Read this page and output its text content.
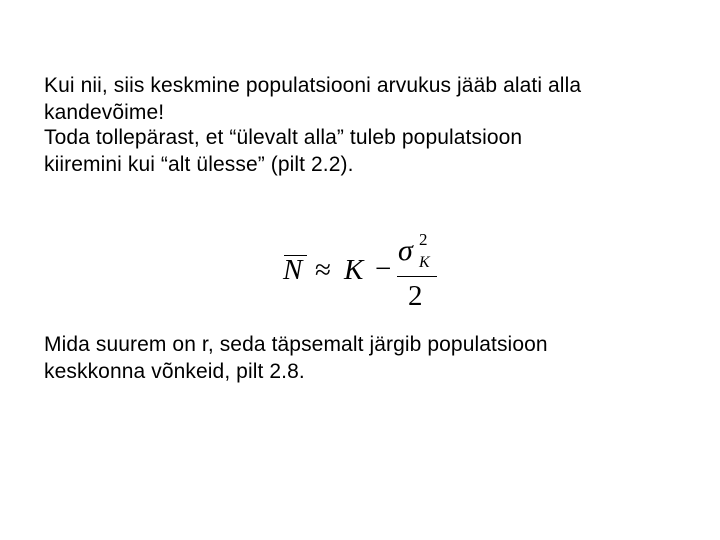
Kui nii, siis keskmine populatsiooni arvukus jääb alati alla
kandevõime!

Toda tollepärast, et “ülevalt alla” tuleb populatsioon
kiiremini kui “alt ülesse” (pilt 2.2).

N ≈ K −
σ 2
K
2

Mida suurem on r, seda täpsemalt järgib populatsioon
keskkonna võnkeid, pilt 2.8.
